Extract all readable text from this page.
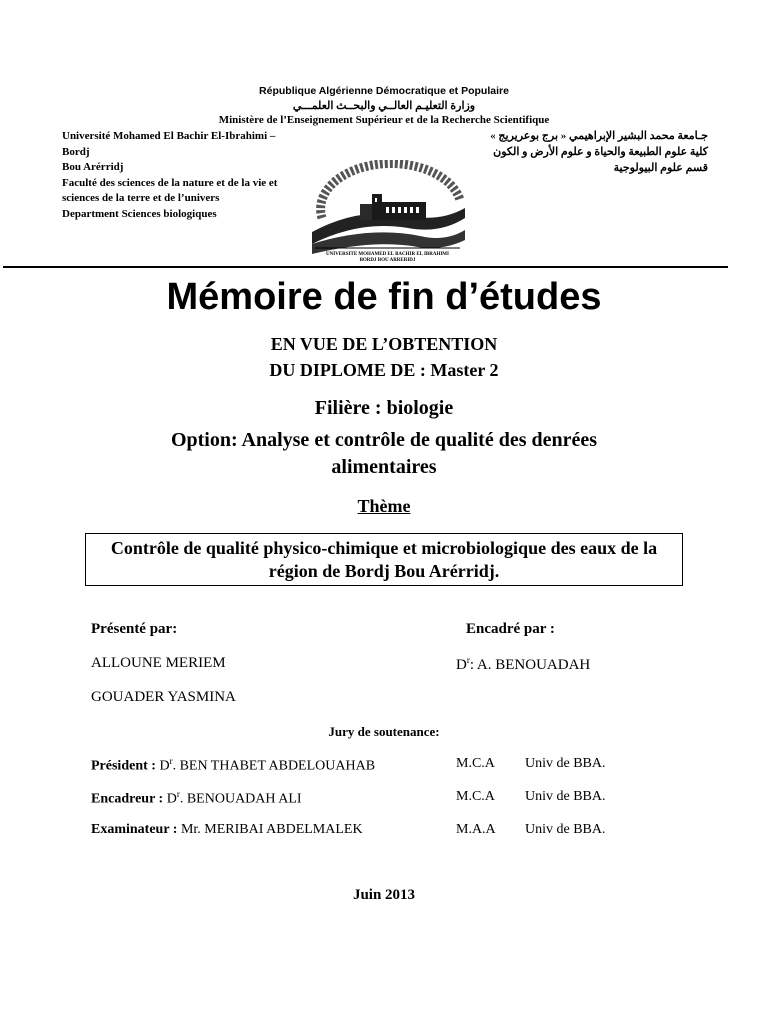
République Algérienne Démocratique et Populaire
وزارة التعليـم العالــي والبحــث العلمـــي
Ministère de l’Enseignement Supérieur et de la Recherche Scientifique
Université Mohamed El Bachir El-Ibrahimi –Bordj
Bou Arérridj
Faculté des sciences de la nature et de la vie et
sciences de la terre et de l’univers
Department Sciences biologiques
جـامعة محمد البشير الإبراهيمي « برج بوعريريج »
كلية علوم الطبيعة والحياة و علوم الأرض و الكون
قسم علوم البيولوجية
UNIVERSITE MOHAMED EL BACHIR EL IBRAHIMI
BORDJ BOU ARRERIDJ
Mémoire de fin d’études
EN VUE DE L’OBTENTION
DU DIPLOME DE : Master 2
Filière : biologie
Option: Analyse et contrôle de qualité des denrées alimentaires
Thème
Contrôle de qualité physico-chimique et microbiologique des eaux de la région de Bordj Bou Arérridj.
Présenté par:	Encadré par :
ALLOUNE MERIEM
GOUADER YASMINA
$D^r$: A. BENOUADAH
Jury de soutenance:
Président : $D^r$. BEN THABET ABDELOUAHAB	M.C.A Univ de BBA.
Encadreur : $D^r$. BENOUADAH ALI	M.C.A Univ de BBA.
Examinateur : Mr. MERIBAI ABDELMALEK	M.A.A Univ de BBA.
Juin 2013
